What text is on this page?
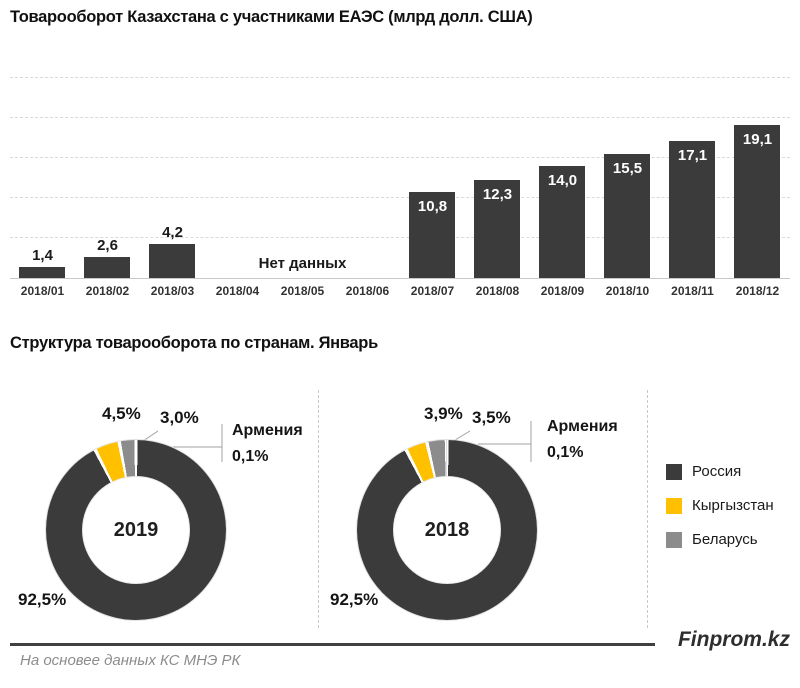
Товарооборот Казахстана с участниками ЕАЭС (млрд долл. США)
Нет данных
1,4
2,6
4,2
10,8
12,3
14,0
15,5
17,1
19,1
2018/01	2018/02	2018/03	2018/04	2018/05	2018/06	2018/07	2018/08	2018/09	2018/10	2018/11	2018/12
Структура товарооборота по странам. Январь
2019
4,5% 3,0%
92,5%
Армения
0,1%
2018
3,9% 3,5%
92,5%
Армения
0,1%
Россия
Кыргызстан
Беларусь
Finprom.kz
На основее данных КС МНЭ РК
